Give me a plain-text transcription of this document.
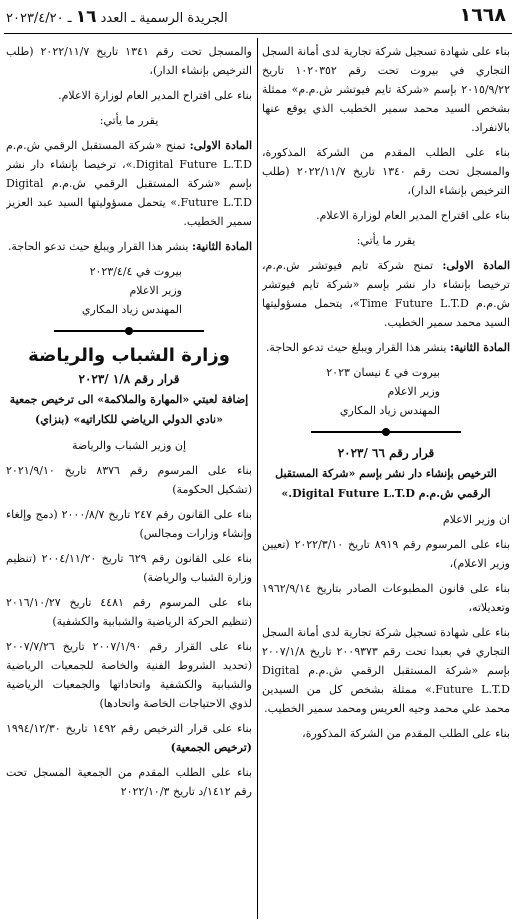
١٦٦٨
الجريدة الرسمية ـ العدد ١٦ ـ ٢٠٢٣/٤/٢٠

بناء على شهادة تسجيل شركة تجارية لدى أمانة السجل التجاري في بيروت تحت رقم ١٠٢٠٣٥٢ تاريخ ٢٠١٥/٩/٢٢ بإسم «شركة تايم فيوتشر ش.م.م» ممثلة بشخص السيد محمد سمير الخطيب الذي يوقع عنها بالانفراد.

بناء على الطلب المقدم من الشركة المذكورة، والمسجل تحت رقم ١٣٤٠ تاريخ ٢٠٢٢/١١/٧ (طلب الترخيص بإنشاء الدار)،

بناء على اقتراح المدير العام لوزارة الاعلام.

يقرر ما يأتي:

المادة الاولى: تمنح شركة تايم فيوتشر ش.م.م، ترخيصا بإنشاء دار نشر بإسم «شركة تايم فيوتشر ش.م.م Time Future L.T.D»، يتحمل مسؤوليتها السيد محمد سمير الخطيب.

المادة الثانية: ينشر هذا القرار ويبلغ حيث تدعو الحاجة.

بيروت في ٤ نيسان ٢٠٢٣

وزير الاعلام

المهندس زياد المكاري

قرار رقم ٦٦ /٢٠٢٣

الترخيص بإنشاء دار نشر بإسم «شركة المستقبل الرقمي ش.م.م Digital Future L.T.D.»

ان وزير الاعلام

بناء على المرسوم رقم ٨٩١٩ تاريخ ٢٠٢٢/٣/١٠ (تعيين وزير الاعلام)،

بناء على قانون المطبوعات الصادر بتاريخ ١٩٦٢/٩/١٤ وتعديلاته،

بناء على شهادة تسجيل شركة تجارية لدى أمانة السجل التجاري في بعبدا تحت رقم ٢٠٠٩٣٧٣ تاريخ ٢٠٠٧/١/٨ بإسم «شركة المستقبل الرقمي ش.م.م Digital Future L.T.D.» ممثلة بشخص كل من السيدين محمد علي محمد وجيه العريس ومحمد سمير الخطيب.

بناء على الطلب المقدم من الشركة المذكورة،

والمسجل تحت رقم ١٣٤١ تاريخ ٢٠٢٢/١١/٧ (طلب الترخيص بإنشاء الدار)،

بناء على اقتراح المدير العام لوزارة الاعلام.

يقرر ما يأتي:

المادة الاولى: تمنح «شركة المستقبل الرقمي ش.م.م Digital Future L.T.D.»، ترخيصا بإنشاء دار نشر بإسم «شركة المستقبل الرقمي ش.م.م Digital Future L.T.D.» يتحمل مسؤوليتها السيد عبد العزيز سمير الخطيب.

المادة الثانية: ينشر هذا القرار ويبلغ حيث تدعو الحاجة.

بيروت في ٢٠٢٣/٤/٤

وزير الاعلام

المهندس زياد المكاري

وزارة الشباب والرياضة

قرار رقم ١/٨ /٢٠٢٣

إضافة لعبتي «المهارة والملاكمة» الى ترخيص جمعية «نادي الدولي الرياضي للكاراتيه» (بنزاي)

إن وزير الشباب والرياضة

بناء على المرسوم رقم ٨٣٧٦ تاريخ ٢٠٢١/٩/١٠ (تشكيل الحكومة)

بناء على القانون رقم ٢٤٧ تاريخ ٢٠٠٠/٨/٧ (دمج وإلغاء وإنشاء وزارات ومجالس)

بناء على القانون رقم ٦٢٩ تاريخ ٢٠٠٤/١١/٢٠ (تنظيم وزارة الشباب والرياضة)

بناء على المرسوم رقم ٤٤٨١ تاريخ ٢٠١٦/١٠/٢٧ (تنظيم الحركة الرياضية والشبابية والكشفية)

بناء على القرار رقم ٢٠٠٧/١/٩٠ تاريخ ٢٠٠٧/٧/٢٦ (تحديد الشروط الفنية والخاصة للجمعيات الرياضية والشبابية والكشفية واتحاداتها والجمعيات الرياضية لذوي الاحتياجات الخاصة واتحادها)

بناء على قرار الترخيص رقم ١٤٩٢ تاريخ ١٩٩٤/١٢/٣٠ (ترخيص الجمعية)

بناء على الطلب المقدم من الجمعية المسجل تحت رقم ١٤١٢/د تاريخ ٢٠٢٢/١٠/٣
